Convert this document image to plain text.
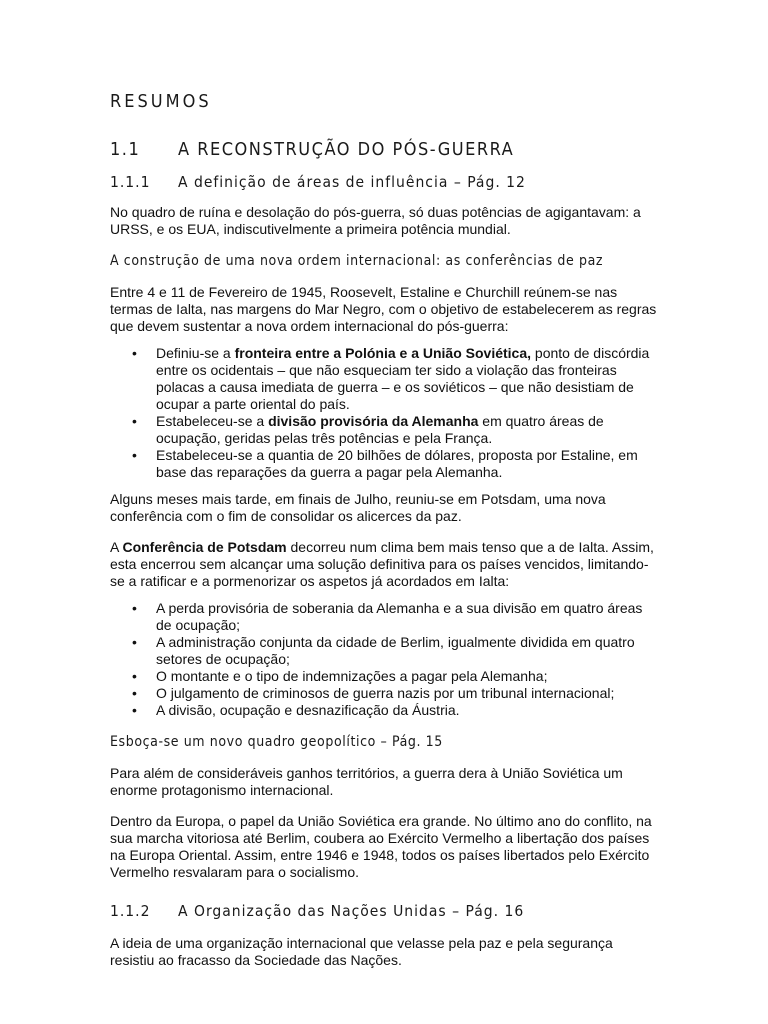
RESUMOS
1.1	A RECONSTRUÇÃO DO PÓS-GUERRA
1.1.1	A definição de áreas de influência – Pág. 12

No quadro de ruína e desolação do pós-guerra, só duas potências de agigantavam: a URSS, e os EUA, indiscutivelmente a primeira potência mundial.

A construção de uma nova ordem internacional: as conferências de paz

Entre 4 e 11 de Fevereiro de 1945, Roosevelt, Estaline e Churchill reúnem-se nas termas de Ialta, nas margens do Mar Negro, com o objetivo de estabelecerem as regras que devem sustentar a nova ordem internacional do pós-guerra:

• Definiu-se a fronteira entre a Polónia e a União Soviética, ponto de discórdia entre os ocidentais – que não esqueciam ter sido a violação das fronteiras polacas a causa imediata de guerra – e os soviéticos – que não desistiam de ocupar a parte oriental do país.
• Estabeleceu-se a divisão provisória da Alemanha em quatro áreas de ocupação, geridas pelas três potências e pela França.
• Estabeleceu-se a quantia de 20 bilhões de dólares, proposta por Estaline, em base das reparações da guerra a pagar pela Alemanha.

Alguns meses mais tarde, em finais de Julho, reuniu-se em Potsdam, uma nova conferência com o fim de consolidar os alicerces da paz.

A Conferência de Potsdam decorreu num clima bem mais tenso que a de Ialta. Assim, esta encerrou sem alcançar uma solução definitiva para os países vencidos, limitando-se a ratificar e a pormenorizar os aspetos já acordados em Ialta:

• A perda provisória de soberania da Alemanha e a sua divisão em quatro áreas de ocupação;
• A administração conjunta da cidade de Berlim, igualmente dividida em quatro setores de ocupação;
• O montante e o tipo de indemnizações a pagar pela Alemanha;
• O julgamento de criminosos de guerra nazis por um tribunal internacional;
• A divisão, ocupação e desnazificação da Áustria.
Esboça-se um novo quadro geopolítico – Pág. 15

Para além de consideráveis ganhos territórios, a guerra dera à União Soviética um enorme protagonismo internacional.

Dentro da Europa, o papel da União Soviética era grande. No último ano do conflito, na sua marcha vitoriosa até Berlim, coubera ao Exército Vermelho a libertação dos países na Europa Oriental. Assim, entre 1946 e 1948, todos os países libertados pelo Exército Vermelho resvalaram para o socialismo.

1.1.2	A Organização das Nações Unidas – Pág. 16

A ideia de uma organização internacional que velasse pela paz e pela segurança resistiu ao fracasso da Sociedade das Nações.
